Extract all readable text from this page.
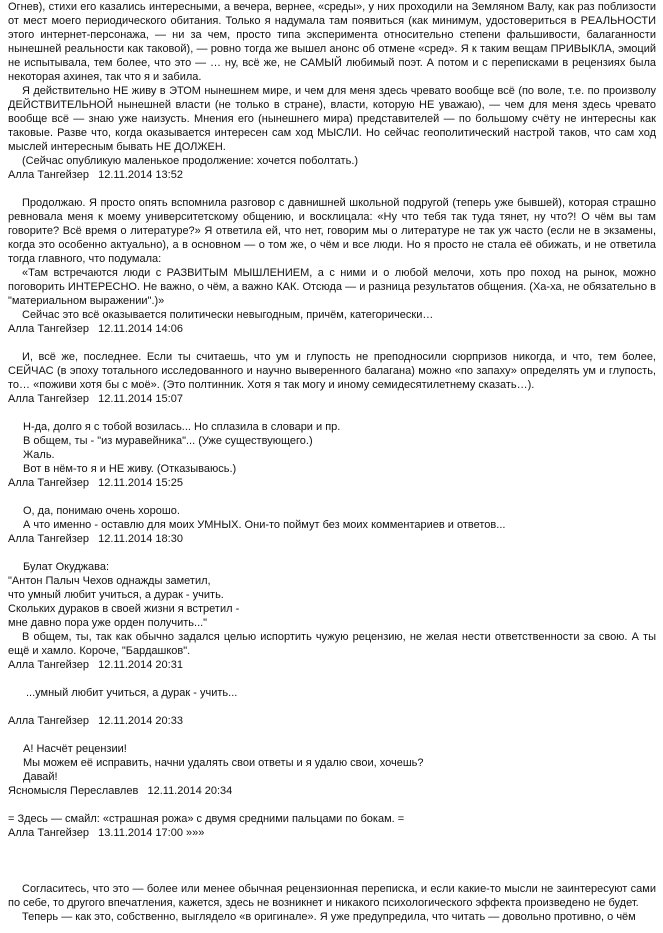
Огнев), стихи его казались интересными, а вечера, вернее, «среды», у них проходили на Земляном Валу, как раз поблизости от мест моего периодического обитания. Только я надумала там появиться (как минимум, удостовериться в РЕАЛЬНОСТИ этого интернет-персонажа, — ни за чем, просто типа эксперимента относительно степени фальшивости, балаганности нынешней реальности как таковой), — ровно тогда же вышел анонс об отмене «сред». Я к таким вещам ПРИВЫКЛА, эмоций не испытывала, тем более, что это — … ну, всё же, не САМЫЙ любимый поэт. А потом и с переписками в рецензиях была некоторая ахинея, так что я и забила.

Я действительно НЕ живу в ЭТОМ нынешнем мире, и чем для меня здесь чревато вообще всё (по воле, т.е. по произволу ДЕЙСТВИТЕЛЬНОЙ нынешней власти (не только в стране), власти, которую НЕ уважаю), — чем для меня здесь чревато вообще всё — знаю уже наизусть. Мнения его (нынешнего мира) представителей — по большому счёту не интересны как таковые. Разве что, когда оказывается интересен сам ход МЫСЛИ. Но сейчас геополитический настрой таков, что сам ход мыслей интересным бывать НЕ ДОЛЖЕН.

(Сейчас опубликую маленькое продолжение: хочется поболтать.)

Алла Тангейзер   12.11.2014 13:52

Продолжаю. Я просто опять вспомнила разговор с давнишней школьной подругой (теперь уже бывшей), которая страшно ревновала меня к моему университетскому общению, и восклицала: «Ну что тебя так туда тянет, ну что?! О чём вы там говорите? Всё время о литературе?» Я ответила ей, что нет, говорим мы о литературе не так уж часто (если не в экзамены, когда это особенно актуально), а в основном — о том же, о чём и все люди. Но я просто не стала её обижать, и не ответила тогда главного, что подумала:

«Там встречаются люди с РАЗВИТЫМ МЫШЛЕНИЕМ, а с ними и о любой мелочи, хоть про поход на рынок, можно поговорить ИНТЕРЕСНО. Не важно, о чём, а важно КАК. Отсюда — и разница результатов общения. (Ха-ха, не обязательно в "материальном выражении".)»

Сейчас это всё оказывается политически невыгодным, причём, категорически…

Алла Тангейзер   12.11.2014 14:06

И, всё же, последнее. Если ты считаешь, что ум и глупость не преподносили сюрпризов никогда, и что, тем более, СЕЙЧАС (в эпоху тотального исследованного и научно выверенного балагана) можно «по запаху» определять ум и глупость, то… «поживи хотя бы с моё». (Это полтинник. Хотя я так могу и иному семидесятилетнему сказать…).

Алла Тангейзер   12.11.2014 15:07

Н-да, долго я с тобой возилась... Но сплазила в словари и пр.

В общем, ты - "из муравейника"... (Уже существующего.)

Жаль.

Вот в нём-то я и НЕ живу. (Отказываюсь.)

Алла Тангейзер   12.11.2014 15:25

О, да, понимаю очень хорошо.

А что именно - оставлю для моих УМНЫХ. Они-то поймут без моих комментариев и ответов...

Алла Тангейзер   12.11.2014 18:30

Булат Окуджава:

"Антон Палыч Чехов однажды заметил,

что умный любит учиться, а дурак - учить.

Скольких дураков в своей жизни я встретил -

мне давно пора уже орден получить..."

В общем, ты, так как обычно задался целью испортить чужую рецензию, не желая нести ответственности за свою. А ты ещё и хамло. Короче, "Бардашков".

Алла Тангейзер   12.11.2014 20:31

...умный любит учиться, а дурак - учить...

Алла Тангейзер   12.11.2014 20:33

А! Насчёт рецензии!

Мы можем её исправить, начни удалять свои ответы и я удалю свои, хочешь?

Давай!

Ясномысля Переславлев   12.11.2014 20:34

= Здесь — смайл: «страшная рожа» с двумя средними пальцами по бокам. =

Алла Тангейзер   13.11.2014 17:00 »»»

Согласитесь, что это — более или менее обычная рецензионная переписка, и если какие-то мысли не заинтересуют сами по себе, то другого впечатления, кажется, здесь не возникнет и никакого психологического эффекта произведено не будет.

Теперь — как это, собственно, выглядело «в оригинале». Я уже предупредила, что читать — довольно противно, о чём
